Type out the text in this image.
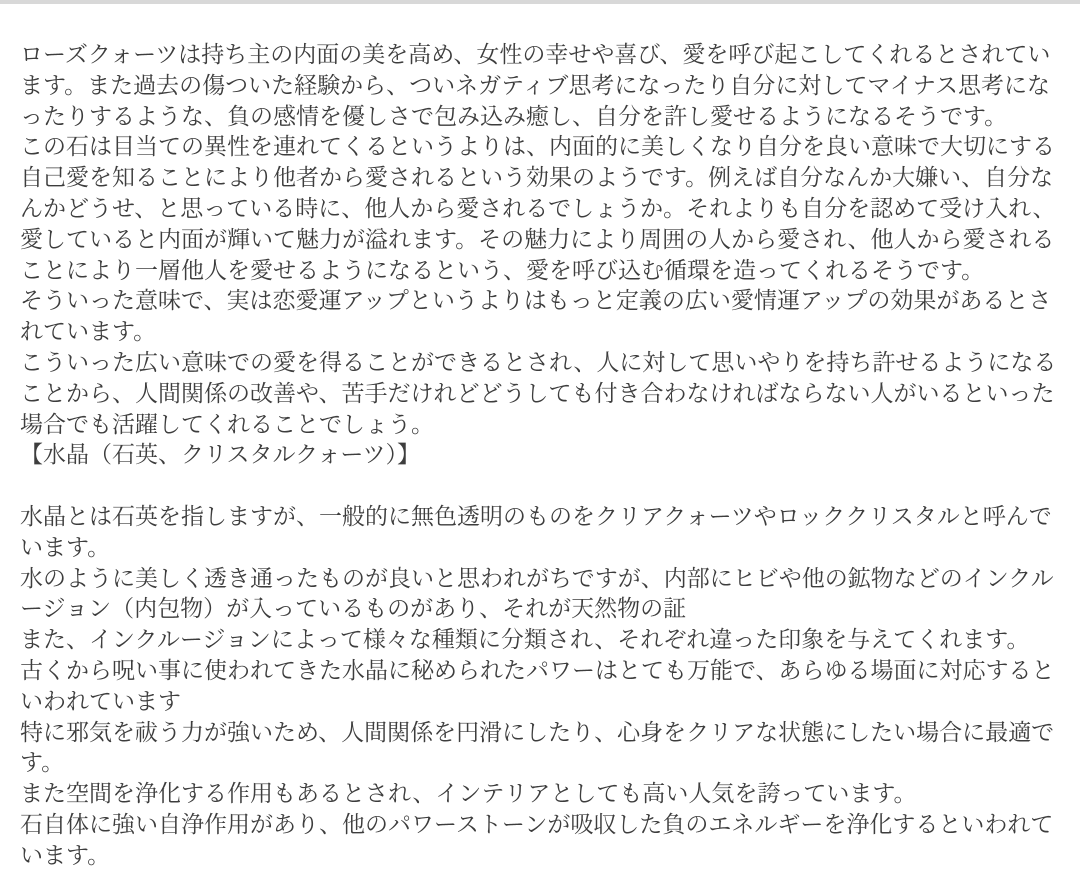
ローズクォーツは持ち主の内面の美を高め、女性の幸せや喜び、愛を呼び起こしてくれるとされてい
ます。また過去の傷ついた経験から、ついネガティブ思考になったり自分に対してマイナス思考にな
ったりするような、負の感情を優しさで包み込み癒し、自分を許し愛せるようになるそうです。
この石は目当ての異性を連れてくるというよりは、内面的に美しくなり自分を良い意味で大切にする
自己愛を知ることにより他者から愛されるという効果のようです。例えば自分なんか大嫌い、自分な
んかどうせ、と思っている時に、他人から愛されるでしょうか。それよりも自分を認めて受け入れ、
愛していると内面が輝いて魅力が溢れます。その魅力により周囲の人から愛され、他人から愛される
ことにより一層他人を愛せるようになるという、愛を呼び込む循環を造ってくれるそうです。
そういった意味で、実は恋愛運アップというよりはもっと定義の広い愛情運アップの効果があるとさ
れています。
こういった広い意味での愛を得ることができるとされ、人に対して思いやりを持ち許せるようになる
ことから、人間関係の改善や、苦手だけれどどうしても付き合わなければならない人がいるといった
場合でも活躍してくれることでしょう。
【水晶（石英、クリスタルクォーツ）】
水晶とは石英を指しますが、一般的に無色透明のものをクリアクォーツやロッククリスタルと呼んで
います。
水のように美しく透き通ったものが良いと思われがちですが、内部にヒビや他の鉱物などのインクル
ージョン（内包物）が入っているものがあり、それが天然物の証
また、インクルージョンによって様々な種類に分類され、それぞれ違った印象を与えてくれます。
古くから呪い事に使われてきた水晶に秘められたパワーはとても万能で、あらゆる場面に対応すると
いわれています
特に邪気を祓う力が強いため、人間関係を円滑にしたり、心身をクリアな状態にしたい場合に最適で
す。
また空間を浄化する作用もあるとされ、インテリアとしても高い人気を誇っています。
石自体に強い自浄作用があり、他のパワーストーンが吸収した負のエネルギーを浄化するといわれて
います。
